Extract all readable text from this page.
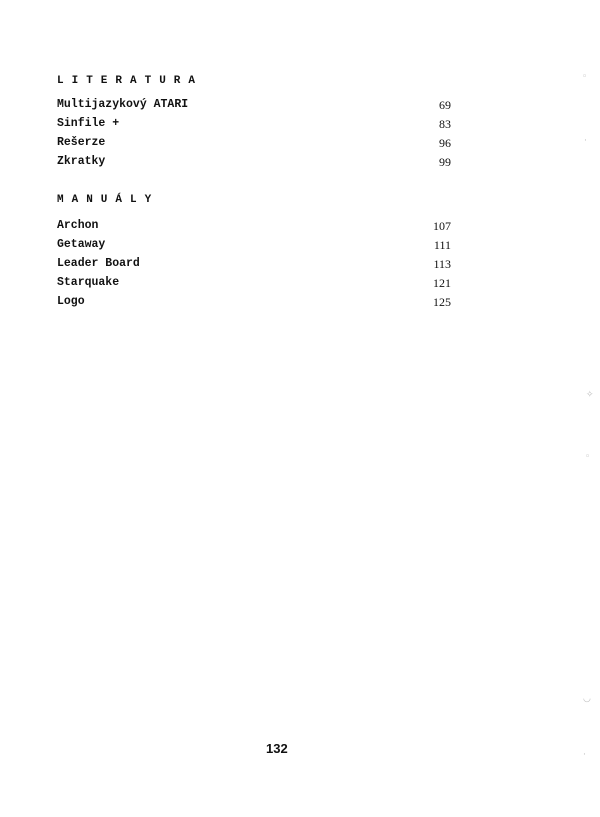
LITERATURA
Multijazykový ATARI	69
Sinfile +	83
Rešerze	96
Zkratky	99
MANUÁLY
Archon	107
Getaway	111
Leader Board	113
Starquake	121
Logo	125
132
◦
·
✧
◦
◡
·
